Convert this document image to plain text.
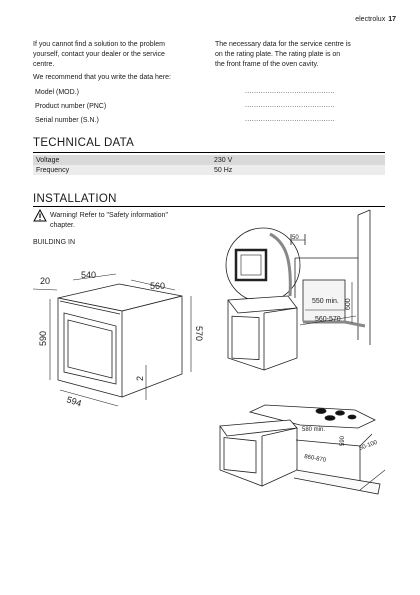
electrolux 17
If you cannot find a solution to the problem
yourself, contact your dealer or the service
centre.
The necessary data for the service centre is
on the rating plate. The rating plate is on
the front frame of the oven cavity.
We recommend that you write the data here:
Model (MOD.)	........................................
Product number (PNC)	........................................
Serial number (S.N.)	........................................
TECHNICAL DATA
Voltage	230 V
Frequency	50 Hz
INSTALLATION
Warning! Refer to "Safety information"
chapter.
BUILDING IN
20
540
560
590	570
2
594
50
550 min.
560-570
600
580 min.
590
860-870
50-100
